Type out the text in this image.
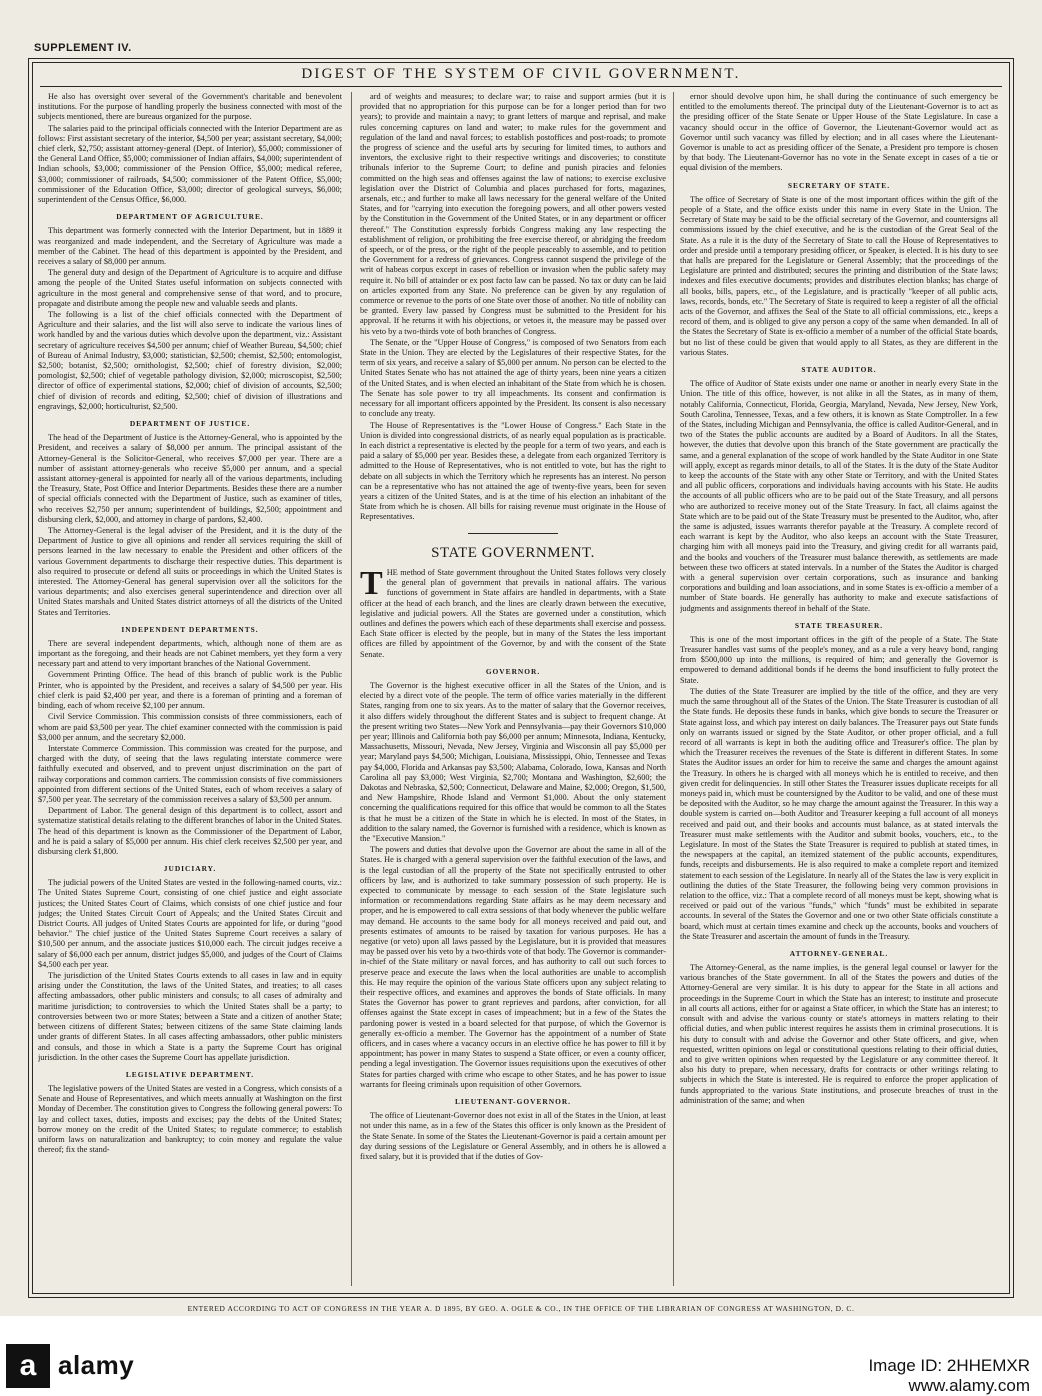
SUPPLEMENT IV.
DIGEST OF THE SYSTEM OF CIVIL GOVERNMENT.

He also has oversight over several of the Government's charitable and benevolent institutions. For the purpose of handling properly the business connected with most of the subjects mentioned, there are bureaus organized for the purpose.

The salaries paid to the principal officials connected with the Interior Department are as follows: First assistant secretary of the interior, $4,500 per year; assistant secretary, $4,000; chief clerk, $2,750; assistant attorney-general (Dept. of Interior), $5,000; commissioner of the General Land Office, $5,000; commissioner of Indian affairs, $4,000; superintendent of Indian schools, $3,000; commissioner of the Pension Office, $5,000; medical referee, $3,000; commissioner of railroads, $4,500; commissioner of the Patent Office, $5,000; commissioner of the Education Office, $3,000; director of geological surveys, $6,000; superintendent of the Census Office, $6,000.

DEPARTMENT OF AGRICULTURE.

This department was formerly connected with the Interior Department, but in 1889 it was reorganized and made independent, and the Secretary of Agriculture was made a member of the Cabinet. The head of this department is appointed by the President, and receives a salary of $8,000 per annum.

The general duty and design of the Department of Agriculture is to acquire and diffuse among the people of the United States useful information on subjects connected with agriculture in the most general and comprehensive sense of that word, and to procure, propagate and distribute among the people new and valuable seeds and plants.

The following is a list of the chief officials connected with the Department of Agriculture and their salaries, and the list will also serve to indicate the various lines of work handled by and the various duties which devolve upon the department, viz.: Assistant secretary of agriculture receives $4,500 per annum; chief of Weather Bureau, $4,500; chief of Bureau of Animal Industry, $3,000; statistician, $2,500; chemist, $2,500; entomologist, $2,500; botanist, $2,500; ornithologist, $2,500; chief of forestry division, $2,000; pomologist, $2,500; chief of vegetable pathology division, $2,000; microscopist, $2,500; director of office of experimental stations, $2,000; chief of division of accounts, $2,500; chief of division of records and editing, $2,500; chief of division of illustrations and engravings, $2,000; horticulturist, $2,500.

DEPARTMENT OF JUSTICE.

The head of the Department of Justice is the Attorney-General, who is appointed by the President, and receives a salary of $8,000 per annum. The principal assistant of the Attorney-General is the Solicitor-General, who receives $7,000 per year. There are a number of assistant attorney-generals who receive $5,000 per annum, and a special assistant attorney-general is appointed for nearly all of the various departments, including the Treasury, State, Post Office and Interior Departments. Besides these there are a number of special officials connected with the Department of Justice, such as examiner of titles, who receives $2,750 per annum; superintendent of buildings, $2,500; appointment and disbursing clerk, $2,000, and attorney in charge of pardons, $2,400.

The Attorney-General is the legal adviser of the President, and it is the duty of the Department of Justice to give all opinions and render all services requiring the skill of persons learned in the law necessary to enable the President and other officers of the various Government departments to discharge their respective duties. This department is also required to prosecute or defend all suits or proceedings in which the United States is interested. The Attorney-General has general supervision over all the solicitors for the various departments; and also exercises general superintendence and direction over all United States marshals and United States district attorneys of all the districts of the United States and Territories.

INDEPENDENT DEPARTMENTS.

There are several independent departments, which, although none of them are as important as the foregoing, and their heads are not Cabinet members, yet they form a very necessary part and attend to very important branches of the National Government.

Government Printing Office. The head of this branch of public work is the Public Printer, who is appointed by the President, and receives a salary of $4,500 per year. His chief clerk is paid $2,400 per year, and there is a foreman of printing and a foreman of binding, each of whom receive $2,100 per annum.

Civil Service Commission. This commission consists of three commissioners, each of whom are paid $3,500 per year. The chief examiner connected with the commission is paid $3,000 per annum, and the secretary $2,000.

Interstate Commerce Commission. This commission was created for the purpose, and charged with the duty, of seeing that the laws regulating interstate commerce were faithfully executed and observed, and to prevent unjust discrimination on the part of railway corporations and common carriers. The commission consists of five commissioners appointed from different sections of the United States, each of whom receives a salary of $7,500 per year. The secretary of the commission receives a salary of $3,500 per annum.

Department of Labor. The general design of this department is to collect, assort and systematize statistical details relating to the different branches of labor in the United States. The head of this department is known as the Commissioner of the Department of Labor, and he is paid a salary of $5,000 per annum. His chief clerk receives $2,500 per year, and disbursing clerk $1,800.

JUDICIARY.

The judicial powers of the United States are vested in the following-named courts, viz.: The United States Supreme Court, consisting of one chief justice and eight associate justices; the United States Court of Claims, which consists of one chief justice and four judges; the United States Circuit Court of Appeals; and the United States Circuit and District Courts. All judges of United States Courts are appointed for life, or during "good behavior." The chief justice of the United States Supreme Court receives a salary of $10,500 per annum, and the associate justices $10,000 each. The circuit judges receive a salary of $6,000 each per annum, district judges $5,000, and judges of the Court of Claims $4,500 each per year.

The jurisdiction of the United States Courts extends to all cases in law and in equity arising under the Constitution, the laws of the United States, and treaties; to all cases affecting ambassadors, other public ministers and consuls; to all cases of admiralty and maritime jurisdiction; to controversies to which the United States shall be a party; to controversies between two or more States; between a State and a citizen of another State; between citizens of different States; between citizens of the same State claiming lands under grants of different States. In all cases affecting ambassadors, other public ministers and consuls, and those in which a State is a party the Supreme Court has original jurisdiction. In the other cases the Supreme Court has appellate jurisdiction.

LEGISLATIVE DEPARTMENT.

The legislative powers of the United States are vested in a Congress, which consists of a Senate and House of Representatives, and which meets annually at Washington on the first Monday of December. The constitution gives to Congress the following general powers: To lay and collect taxes, duties, imposts and excises; pay the debts of the United States; borrow money on the credit of the United States; to regulate commerce; to establish uniform laws on naturalization and bankruptcy; to coin money and regulate the value thereof; fix the stand-

ard of weights and measures; to declare war; to raise and support armies (but it is provided that no appropriation for this purpose can be for a longer period than for two years); to provide and maintain a navy; to grant letters of marque and reprisal, and make rules concerning captures on land and water; to make rules for the government and regulation of the land and naval forces; to establish postoffices and post-roads; to promote the progress of science and the useful arts by securing for limited times, to authors and inventors, the exclusive right to their respective writings and discoveries; to constitute tribunals inferior to the Supreme Court; to define and punish piracies and felonies committed on the high seas and offenses against the law of nations; to exercise exclusive legislation over the District of Columbia and places purchased for forts, magazines, arsenals, etc.; and further to make all laws necessary for the general welfare of the United States, and for "carrying into execution the foregoing powers, and all other powers vested by the Constitution in the Government of the United States, or in any department or officer thereof." The Constitution expressly forbids Congress making any law respecting the establishment of religion, or prohibiting the free exercise thereof, or abridging the freedom of speech, or of the press, or the right of the people peaceably to assemble, and to petition the Government for a redress of grievances. Congress cannot suspend the privilege of the writ of habeas corpus except in cases of rebellion or invasion when the public safety may require it. No bill of attainder or ex post facto law can be passed. No tax or duty can be laid on articles exported from any State. No preference can be given by any regulation of commerce or revenue to the ports of one State over those of another. No title of nobility can be granted. Every law passed by Congress must be submitted to the President for his approval. If he returns it with his objections, or vetoes it, the measure may be passed over his veto by a two-thirds vote of both branches of Congress.

The Senate, or the "Upper House of Congress," is composed of two Senators from each State in the Union. They are elected by the Legislatures of their respective States, for the term of six years, and receive a salary of $5,000 per annum. No person can be elected to the United States Senate who has not attained the age of thirty years, been nine years a citizen of the United States, and is when elected an inhabitant of the State from which he is chosen. The Senate has sole power to try all impeachments. Its consent and confirmation is necessary for all important officers appointed by the President. Its consent is also necessary to conclude any treaty.

The House of Representatives is the "Lower House of Congress." Each State in the Union is divided into congressional districts, of as nearly equal population as is practicable. In each district a representative is elected by the people for a term of two years, and each is paid a salary of $5,000 per year. Besides these, a delegate from each organized Territory is admitted to the House of Representatives, who is not entitled to vote, but has the right to debate on all subjects in which the Territory which he represents has an interest. No person can be a representative who has not attained the age of twenty-five years, been for seven years a citizen of the United States, and is at the time of his election an inhabitant of the State from which he is chosen. All bills for raising revenue must originate in the House of Representatives.

STATE GOVERNMENT.

THE method of State government throughout the United States follows very closely the general plan of government that prevails in national affairs. The various functions of government in State affairs are handled in departments, with a State officer at the head of each branch, and the lines are clearly drawn between the executive, legislative and judicial powers. All the States are governed under a constitution, which outlines and defines the powers which each of these departments shall exercise and possess. Each State officer is elected by the people, but in many of the States the less important offices are filled by appointment of the Governor, by and with the consent of the State Senate.

GOVERNOR.

The Governor is the highest executive officer in all the States of the Union, and is elected by a direct vote of the people. The term of office varies materially in the different States, ranging from one to six years. As to the matter of salary that the Governor receives, it also differs widely throughout the different States and is subject to frequent change. At the present writing two States—New York and Pennsylvania—pay their Governors $10,000 per year; Illinois and California both pay $6,000 per annum; Minnesota, Indiana, Kentucky, Massachusetts, Missouri, Nevada, New Jersey, Virginia and Wisconsin all pay $5,000 per year; Maryland pays $4,500; Michigan, Louisiana, Mississippi, Ohio, Tennessee and Texas pay $4,000, Florida and Arkansas pay $3,500; Alabama, Colorado, Iowa, Kansas and North Carolina all pay $3,000; West Virginia, $2,700; Montana and Washington, $2,600; the Dakotas and Nebraska, $2,500; Connecticut, Delaware and Maine, $2,000; Oregon, $1,500, and New Hampshire, Rhode Island and Vermont $1,000. About the only statement concerning the qualifications required for this office that would be common to all the States is that he must be a citizen of the State in which he is elected. In most of the States, in addition to the salary named, the Governor is furnished with a residence, which is known as the "Executive Mansion."

The powers and duties that devolve upon the Governor are about the same in all of the States. He is charged with a general supervision over the faithful execution of the laws, and is the legal custodian of all the property of the State not specifically entrusted to other officers by law, and is authorized to take summary possession of such property. He is expected to communicate by message to each session of the State legislature such information or recommendations regarding State affairs as he may deem necessary and proper, and he is empowered to call extra sessions of that body whenever the public welfare may demand. He accounts to the same body for all moneys received and paid out, and presents estimates of amounts to be raised by taxation for various purposes. He has a negative (or veto) upon all laws passed by the Legislature, but it is provided that measures may be passed over his veto by a two-thirds vote of that body. The Governor is commander-in-chief of the State military or naval forces, and has authority to call out such forces to preserve peace and execute the laws when the local authorities are unable to accomplish this. He may require the opinion of the various State officers upon any subject relating to their respective offices, and examines and approves the bonds of State officials. In many States the Governor has power to grant reprieves and pardons, after conviction, for all offenses against the State except in cases of impeachment; but in a few of the States the pardoning power is vested in a board selected for that purpose, of which the Governor is generally ex-officio a member. The Governor has the appointment of a number of State officers, and in cases where a vacancy occurs in an elective office he has power to fill it by appointment; has power in many States to suspend a State officer, or even a county officer, pending a legal investigation. The Governor issues requisitions upon the executives of other States for parties charged with crime who escape to other States, and he has power to issue warrants for fleeing criminals upon requisition of other Governors.

LIEUTENANT-GOVERNOR.

The office of Lieutenant-Governor does not exist in all of the States in the Union, at least not under this name, as in a few of the States this officer is only known as the President of the State Senate. In some of the States the Lieutenant-Governor is paid a certain amount per day during sessions of the Legislature or General Assembly, and in others he is allowed a fixed salary, but it is provided that if the duties of Gov-

ernor should devolve upon him, he shall during the continuance of such emergency be entitled to the emoluments thereof. The principal duty of the Lieutenant-Governor is to act as the presiding officer of the State Senate or Upper House of the State Legislature. In case a vacancy should occur in the office of Governor, the Lieutenant-Governor would act as Governor until such vacancy was filled by election; and in all cases where the Lieutenant-Governor is unable to act as presiding officer of the Senate, a President pro tempore is chosen by that body. The Lieutenant-Governor has no vote in the Senate except in cases of a tie or equal division of the members.

SECRETARY OF STATE.

The office of Secretary of State is one of the most important offices within the gift of the people of a State, and the office exists under this name in every State in the Union. The Secretary of State may be said to be the official secretary of the Governor, and countersigns all commissions issued by the chief executive, and he is the custodian of the Great Seal of the State. As a rule it is the duty of the Secretary of State to call the House of Representatives to order and preside until a temporary presiding officer, or Speaker, is elected. It is his duty to see that halls are prepared for the Legislature or General Assembly; that the proceedings of the Legislature are printed and distributed; secures the printing and distribution of the State laws; indexes and files executive documents; provides and distributes election blanks; has charge of all books, bills, papers, etc., of the Legislature, and is practically "keeper of all public acts, laws, records, bonds, etc." The Secretary of State is required to keep a register of all the official acts of the Governor, and affixes the Seal of the State to all official commissions, etc., keeps a record of them, and is obliged to give any person a copy of the same when demanded. In all of the States the Secretary of State is ex-officio a member of a number of the official State boards, but no list of these could be given that would apply to all States, as they are different in the various States.

STATE AUDITOR.

The office of Auditor of State exists under one name or another in nearly every State in the Union. The title of this office, however, is not alike in all the States, as in many of them, notably California, Connecticut, Florida, Georgia, Maryland, Nevada, New Jersey, New York, South Carolina, Tennessee, Texas, and a few others, it is known as State Comptroller. In a few of the States, including Michigan and Pennsylvania, the office is called Auditor-General, and in two of the States the public accounts are audited by a Board of Auditors. In all the States, however, the duties that devolve upon this branch of the State government are practically the same, and a general explanation of the scope of work handled by the State Auditor in one State will apply, except as regards minor details, to all of the States. It is the duty of the State Auditor to keep the accounts of the State with any other State or Territory, and with the United States and all public officers, corporations and individuals having accounts with his State. He audits the accounts of all public officers who are to be paid out of the State Treasury, and all persons who are authorized to receive money out of the State Treasury. In fact, all claims against the State which are to be paid out of the State Treasury must be presented to the Auditor, who, after the same is adjusted, issues warrants therefor payable at the Treasury. A complete record of each warrant is kept by the Auditor, who also keeps an account with the State Treasurer, charging him with all moneys paid into the Treasury, and giving credit for all warrants paid, and the books and vouchers of the Treasurer must balance therewith, as settlements are made between these two officers at stated intervals. In a number of the States the Auditor is charged with a general supervision over certain corporations, such as insurance and banking corporations and building and loan associations, and in some States is ex-officio a member of a number of State boards. He generally has authority to make and execute satisfactions of judgments and assignments thereof in behalf of the State.

STATE TREASURER.

This is one of the most important offices in the gift of the people of a State. The State Treasurer handles vast sums of the people's money, and as a rule a very heavy bond, ranging from $500,000 up into the millions, is required of him; and generally the Governor is empowered to demand additional bonds if he deems the bond insufficient to fully protect the State.

The duties of the State Treasurer are implied by the title of the office, and they are very much the same throughout all of the States of the Union. The State Treasurer is custodian of all the State funds. He deposits these funds in banks, which give bonds to secure the Treasurer or State against loss, and which pay interest on daily balances. The Treasurer pays out State funds only on warrants issued or signed by the State Auditor, or other proper official, and a full record of all warrants is kept in both the auditing office and Treasurer's office. The plan by which the Treasurer receives the revenues of the State is different in different States. In some States the Auditor issues an order for him to receive the same and charges the amount against the Treasury. In others he is charged with all moneys which he is entitled to receive, and then given credit for delinquencies. In still other States the Treasurer issues duplicate receipts for all moneys paid in, which must be countersigned by the Auditor to be valid, and one of these must be deposited with the Auditor, so he may charge the amount against the Treasurer. In this way a double system is carried on—both Auditor and Treasurer keeping a full account of all moneys received and paid out, and their books and accounts must balance, as at stated intervals the Treasurer must make settlements with the Auditor and submit books, vouchers, etc., to the Legislature. In most of the States the State Treasurer is required to publish at stated times, in the newspapers at the capital, an itemized statement of the public accounts, expenditures, funds, receipts and disbursements. He is also required to make a complete report and itemized statement to each session of the Legislature. In nearly all of the States the law is very explicit in outlining the duties of the State Treasurer, the following being very common provisions in relation to the office, viz.: That a complete record of all moneys must be kept, showing what is received or paid out of the various "funds," which "funds" must be exhibited in separate accounts. In several of the States the Governor and one or two other State officials constitute a board, which must at certain times examine and check up the accounts, books and vouchers of the State Treasurer and ascertain the amount of funds in the Treasury.

ATTORNEY-GENERAL.

The Attorney-General, as the name implies, is the general legal counsel or lawyer for the various branches of the State government. In all of the States the powers and duties of the Attorney-General are very similar. It is his duty to appear for the State in all actions and proceedings in the Supreme Court in which the State has an interest; to institute and prosecute in all courts all actions, either for or against a State officer, in which the State has an interest; to consult with and advise the various county or state's attorneys in matters relating to their official duties, and when public interest requires he assists them in criminal prosecutions. It is his duty to consult with and advise the Governor and other State officers, and give, when requested, written opinions on legal or constitutional questions relating to their official duties, and to give written opinions when requested by the Legislature or any committee thereof. It also his duty to prepare, when necessary, drafts for contracts or other writings relating to subjects in which the State is interested. He is required to enforce the proper application of funds appropriated to the various State institutions, and prosecute breaches of trust in the administration of the same; and when

ENTERED ACCORDING TO ACT OF CONGRESS IN THE YEAR A. D 1895, BY GEO. A. OGLE & CO., IN THE OFFICE OF THE LIBRARIAN OF CONGRESS AT WASHINGTON, D. C.
a alamy	Image ID: 2HHEMXR
www.alamy.com
